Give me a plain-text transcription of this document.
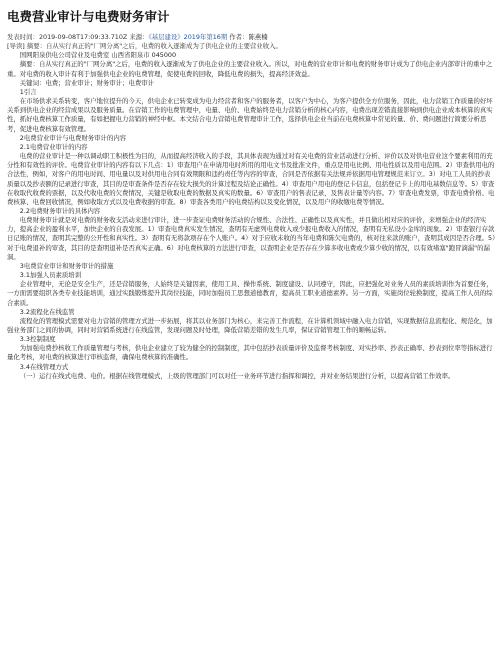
电费营业审计与电费财务审计

发表时间：2019-09-08T17:09:33.710Z 来源：《基层建设》2019年第16期 作者：陈燕楠

[导读] 摘要：自从实行真正的"厂网分离"之后，电费的收入逐渐成为了供电企业的主要营业收入。

国网阳泉供电公司营业及电费室 山西省阳泉市 045000

摘要：自从实行真正的"厂网分离"之后，电费的收入逐渐成为了供电企业的主要营业收入。所以，对电费的营业审计和电费的财务审计成为了供电企业内部审计的重中之重。对电费的收入审计有利于加强供电企业的电费管理，促使电费的回收，降低电费的损失，提高经济效益。

关键词：电费；营业审计；财务审计；电费审计

1引言

在市场供求关系转变，客户地位提升的今天，供电企业已转变成为电力经营者和客户的服务者，以客户为中心，为客户提供全方位服务，因此，电力营销工作质量的好坏关系到供电企业的经营成果以及服务质量。在营销工作的电费管理中，电量、电价、电费始终是电力营销分析的核心内容，电费出现差错直接影响到供电企业成本核算的真实性，抓好电费核算工作质量，有如把握电力营销的神经中枢。本文结合电力营销电费管理审计工作，选择供电企业当前在电费核算中常见的量、价、费问题进行简要分析思考，促进电费核算有效管理。

2电费营业审计与电费财务审计的内容

2.1电费营业审计的内容

电费的营业审计是一种以调动职工积极性为目的，从而提高经济收入的手段，其具体表现为通过对有关电费的营业活动进行分析、评价以及对供电营业这个要素利用的充分性和有效性的评价。电费营业审计的内容有以下几点：1）审查用户在申请用电时所用的用电文书及批准文件，重点是用电比例、用电性质以及用电范围。2）审查供用电的合法性，例如，对客户的用电时间、用电量以及对供用电合同有效期限和违约责任等内容的审查，合同是否依据有关法规并依据用电管理规范来订立。3）对电工人员的抄表质量以及抄表额的记录进行审查，其目的是审查条件是否存在较大损失的计算过程及结论正确性。4）审查用户用电的登记卡信息，包括登记卡上的用电基数信息等。5）审查在收取代收费的票据，以及代收电费的欠费情况，关键是收取电费的数据及真实的数量。6）审查用户的售表记录，及售表计量等内容。7）审查电费发票，审查电费价格、电费核算、电费回收情况，例如收取方式以及电费收据的审查。8）审查各类用户的电费结构以及变化情况，以及用户的收缴电费等情况。

2.2电费财务审计的具体内容

电费财务审计就是对电费的财务收支活动来进行审计，进一步查证电费财务活动的合规性、合法性、正确性以及真实性，并且做出相对应的评价，来增强企业的经济实力，提高企业的盈利水平，加快企业的自我发展。1）审查电费真实发生情况，查明有无虚列电费收入或少报电费收入的情况，查明有无私设小金库的现象。2）审查银行存款日记账的情况，查明其完整的公开性和真实性。3）查明有无将款项存在个人账户。4）对于应收未收的当年电费和陈欠电费的，核对往来款的账户，查明其成因是否合理。5）对于电费退补的审查，其目的是查明退补是否真实正确。6）对电费核算的方法进行审查，以查明企业是否存在少算多收电费或少算少收的情况，以有效堵塞"跑冒滴漏"的漏洞。

3电费营业审计和财务审计的措施

3.1加强人员素质培训

企业管理中，无论是安全生产，还是营销服务，人始终是关键因素，使用工具、操作系统、制度建设、认同遵守，因此，应把强化对业务人员的素质培训作为首要任务，一方面需要组织各类专业技能培训，通过实践锻炼提升其岗位技能，同时加强员工思想道德教育，提高员工职业道德素养。另一方面，实施岗位轮换制度，提高工作人员的综合素质。

3.2流程化在线监管

流程化的管理模式需要对电力营销的管理方式进一步拓展，将其以业务部门为核心，来完善工作流程，在计算机领域中融入电力营销，实现数据信息流程化、规范化，加强业务部门之间的协调，同时对营销系统进行在线监管，发现问题及时处理，降低营销差错的发生几率，保证营销管理工作的顺畅运转。

3.3控制制度

为加强电费抄核收工作质量管理与考核，供电企业建立了较为健全的控制制度，其中包括抄表质量评价及监督考核制度、对实抄率、抄表正确率、抄表到位率等指标进行量化考核，对电费的核算进行审核监督，确保电费核算的准确性。

3.4在线管理方式

（一）运行在线式电费、电价。根据在线管理模式，上级的管理部门可以对任一业务环节进行指挥和调控，并对业务结果进行分析，以提高营销工作效率。
